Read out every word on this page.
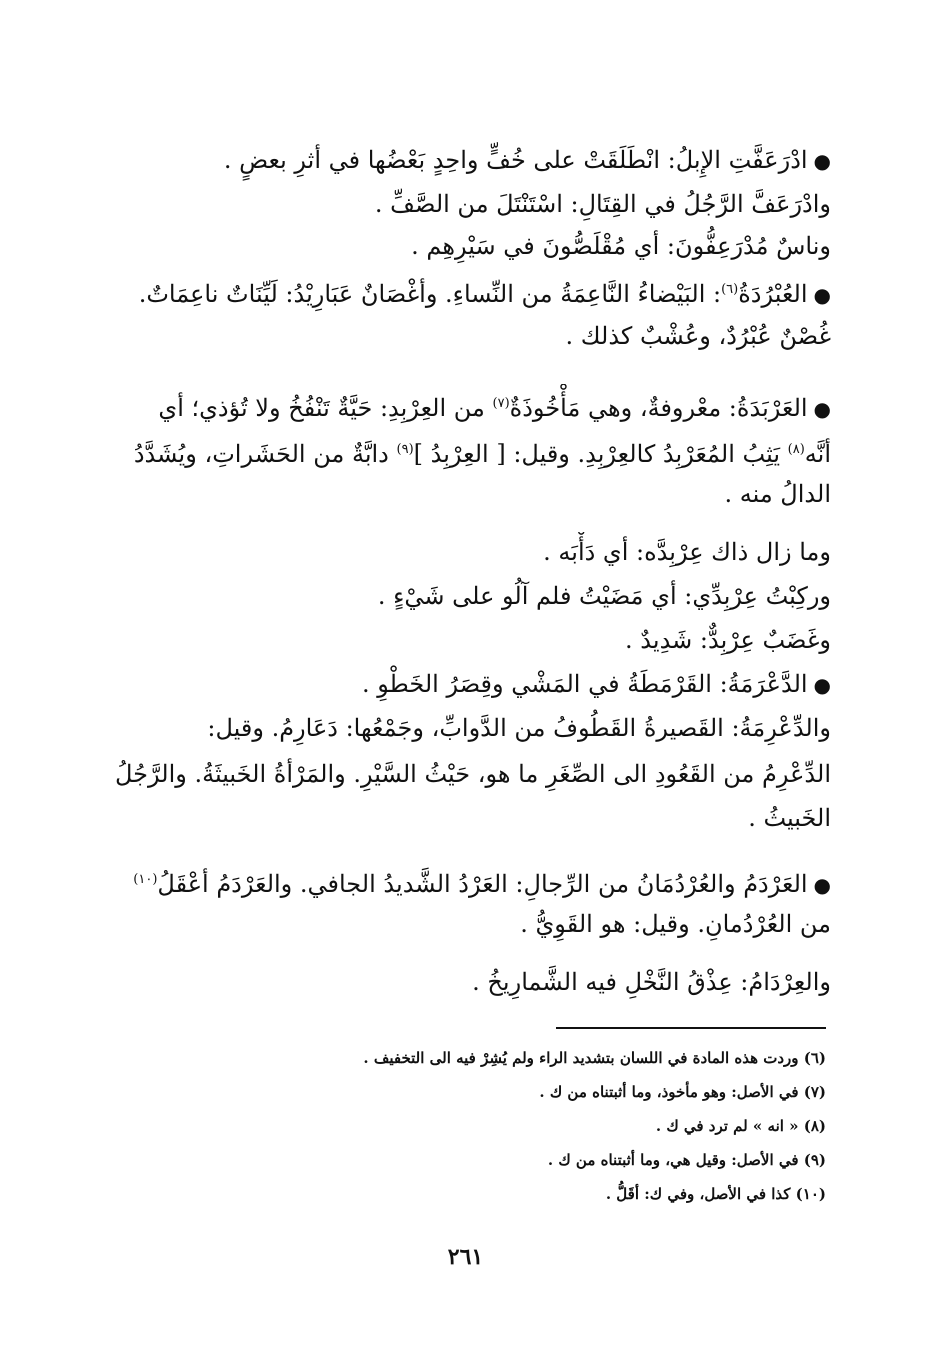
●ادْرَعَفَّتِ الإِبلُ: انْطَلَقَتْ على خُفٍّ واحِدٍ بَعْضُها في أثرِ بعضٍ .
وادْرَعَفَّ الرَّجُلُ في القِتَالِ: اسْتَنْتَلَ من الصَّفِّ .
وناسٌ مُدْرَعِفُّونَ: أي مُقْلَصُّونَ في سَيْرِهِم .
●العُبْرُدَةُ$^{(٦)}$: البَيْضاءُ النَّاعِمَةُ من النِّساءِ. وأغْصَانٌ عَبَارِيْدُ: لَيِّنَاتٌ ناعِمَاتٌ.
غُصْنٌ عُبْرُدٌ، وعُشْبٌ كذلك .
●العَرْبَدَةُ: معْروفةٌ، وهي مَأْخُوذَةٌ$^{(٧)}$ من العِرْبِدِ: حَيَّةٌ تَنْفُخُ ولا تُؤذي؛ أي
أنَّه$^{(٨)}$ يَثِبُ المُعَرْبِدُ كالعِرْبِدِ. وقيل: [ العِرْبِدُ ]$^{(٩)}$ دابَّةٌ من الحَشَراتِ، ويُشَدَّدُ
الدالُ منه .
وما زال ذاك عِرْبِدَّه: أي دَأْبَه .
وركِبْتُ عِرْبِدِّي: أي مَضَيْتُ فلم آلُو على شَيْءٍ .
وغَضَبٌ عِرْبِدٌّ: شَدِيدٌ .
●الدَّعْرَمَةُ: القَرْمَطَةُ في المَشْي وقِصَرُ الخَطْوِ .
والدِّعْرِمَةُ: القَصيرةُ القَطُوفُ من الدَّوابِّ، وجَمْعُها: دَعَارِمُ. وقيل:
الدِّعْرِمُ من القَعُودِ الى الصِّغَرِ ما هو، حَيْثُ السَّيْرِ. والمَرْأةُ الخَبيثَةُ. والرَّجُلُ
الخَبيثُ .
●العَرْدَمُ والعُرْدُمَانُ من الرِّجالِ: العَرْدُ الشَّديدُ الجافي. والعَرْدَمُ أعْقَلُ$^{(١٠)}$
من العُرْدُمانِ. وقيل: هو القَوِيُّ .
والعِرْدَامُ: عِذْقُ النَّخْلِ فيه الشَّمارِيخُ .
(٦) وردت هذه المادة في اللسان بتشديد الراء ولم يُشِرْ فيه الى التخفيف .
(٧) في الأصل: وهو مأخوذ، وما أثبتناه من ك .
(٨) « انه » لم ترد في ك .
(٩) في الأصل: وقيل هي، وما أثبتناه من ك .
(١٠) كذا في الأصل، وفي ك: أقَلُّ .
٢٦١
